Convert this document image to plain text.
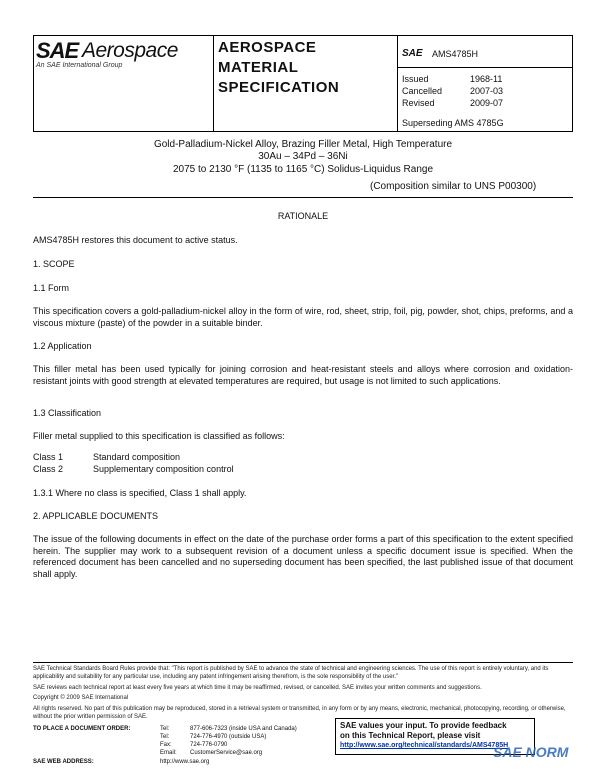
SAE Aerospace
An SAE International Group
AEROSPACE
MATERIAL
SPECIFICATION
SAE AMS4785H
Issued	1968-11
Cancelled	2007-03
Revised	2009-07
Superseding AMS 4785G
Gold-Palladium-Nickel Alloy, Brazing Filler Metal, High Temperature
30Au – 34Pd – 36Ni
2075 to 2130 °F (1135 to 1165 °C) Solidus-Liquidus Range
(Composition similar to UNS P00300)
RATIONALE
AMS4785H restores this document to active status.
1. SCOPE
1.1 Form
This specification covers a gold-palladium-nickel alloy in the form of wire, rod, sheet, strip, foil, pig, powder, shot, chips, preforms, and a viscous mixture (paste) of the powder in a suitable binder.
1.2 Application
This filler metal has been used typically for joining corrosion and heat-resistant steels and alloys where corrosion and oxidation-resistant joints with good strength at elevated temperatures are required, but usage is not limited to such applications.
1.3 Classification
Filler metal supplied to this specification is classified as follows:
Class 1	Standard composition
Class 2	Supplementary composition control
1.3.1 Where no class is specified, Class 1 shall apply.
2. APPLICABLE DOCUMENTS
The issue of the following documents in effect on the date of the purchase order forms a part of this specification to the extent specified herein. The supplier may work to a subsequent revision of a document unless a specific document issue is specified. When the referenced document has been cancelled and no superseding document has been specified, the last published issue of that document shall apply.
SAE Technical Standards Board Rules provide that: "This report is published by SAE to advance the state of technical and engineering sciences. The use of this report is entirely voluntary, and its applicability and suitability for any particular use, including any patent infringement arising therefrom, is the sole responsibility of the user."
SAE reviews each technical report at least every five years at which time it may be reaffirmed, revised, or cancelled. SAE invites your written comments and suggestions.
Copyright © 2009 SAE International
All rights reserved. No part of this publication may be reproduced, stored in a retrieval system or transmitted, in any form or by any means, electronic, mechanical, photocopying, recording, or otherwise, without the prior written permission of SAE.
TO PLACE A DOCUMENT ORDER:	Tel:	877-606-7323 (inside USA and Canada)
Tel:	724-776-4970 (outside USA)
Fax:	724-776-0790
Email: CustomerService@sae.org
SAE WEB ADDRESS:	http://www.sae.org
SAE values your input. To provide feedback
on this Technical Report, please visit
http://www.sae.org/technical/standards/AMS4785H
SAE NORM
